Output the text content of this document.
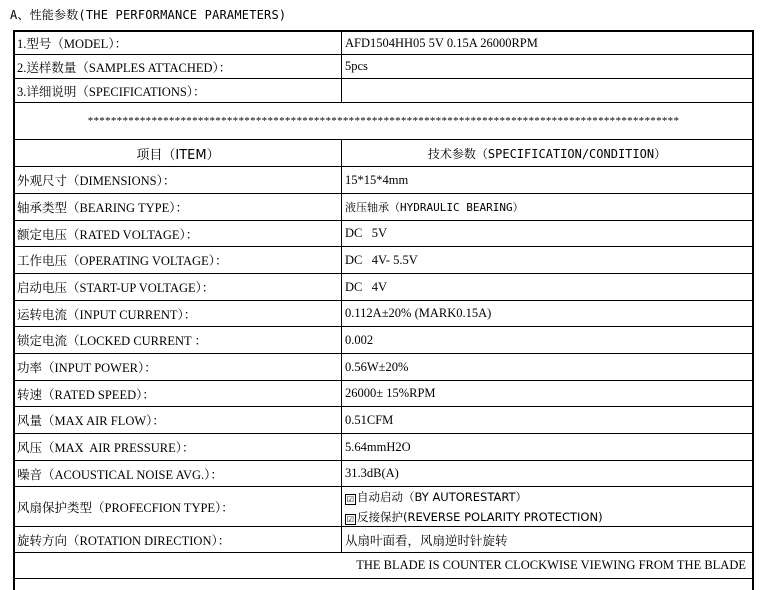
A、性能参数(THE PERFORMANCE PARAMETERS)
1.型号（MODEL）：	AFD1504HH05 5V 0.15A 26000RPM
2.送样数量（SAMPLES ATTACHED）：	5pcs
3.详细说明（SPECIFICATIONS）：
******************************************************************************************************
项目（ITEM）	技术参数（SPECIFICATION/CONDITION）
外观尺寸（DIMENSIONS）：	15*15*4mm
轴承类型（BEARING TYPE）：	液压轴承（HYDRAULIC BEARING）
额定电压（RATED VOLTAGE）：	DC   5V
工作电压（OPERATING VOLTAGE）：	DC   4V- 5.5V
启动电压（START-UP VOLTAGE）：	DC   4V
运转电流（INPUT CURRENT）：	0.112A±20% (MARK0.15A)
锁定电流（LOCKED CURRENT ：	0.002
功率（INPUT POWER）：	0.56W±20%
转速（RATED SPEED）：	26000± 15%RPM
风量（MAX AIR FLOW）：	0.51CFM
风压（MAX  AIR PRESSURE）：	5.64mmH2O
噪音（ACOUSTICAL NOISE AVG.）：	31.3dB(A)
风扇保护类型（PROFECFION TYPE）：
☑ 自动启动（BY AUTORESTART）
☑ 反接保护(REVERSE POLARITY PROTECTION)
旋转方向（ROTATION DIRECTION）：	从扇叶面看，风扇逆时针旋转
THE BLADE IS COUNTER CLOCKWISE VIEWING FROM THE BLADE
